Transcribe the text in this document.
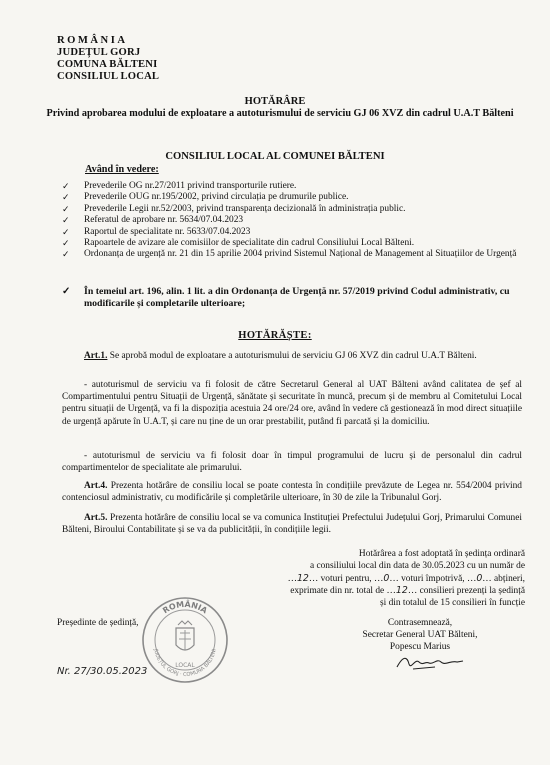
ROMÂNIA
JUDEȚUL GORJ
COMUNA BĂLTENI
CONSILIUL LOCAL
HOTĂRÂRE
Privind aprobarea modului de exploatare a autoturismului de serviciu GJ 06 XVZ din cadrul U.A.T Bălteni
CONSILIUL LOCAL AL COMUNEI BĂLTENI
Având în vedere:

✓ Prevederile OG nr.27/2011 privind transporturile rutiere.

✓ Prevederile OUG nr.195/2002, privind circulația pe drumurile publice.

✓ Prevederile Legii nr.52/2003, privind transparența decizională în administrația public.

✓ Referatul de aprobare nr. 5634/07.04.2023

✓ Raportul de specialitate nr. 5633/07.04.2023

✓ Rapoartele de avizare ale comisiilor de specialitate din cadrul Consiliului Local Bălteni.

✓ Ordonanța de urgență nr. 21 din 15 aprilie 2004 privind Sistemul Național de Management al Situațiilor de Urgență

✓	În temeiul art. 196, alin. 1 lit. a din Ordonanța de Urgență nr. 57/2019 privind Codul administrativ, cu modificarile și completarile ulterioare;
HOTĂRĂȘTE:
Art.1. Se aprobă modul de exploatare a autoturismului de serviciu GJ 06 XVZ din cadrul U.A.T Bălteni.
- autoturismul de serviciu va fi folosit de către Secretarul General al UAT Bălteni având calitatea de șef al Compartimentului pentru Situații de Urgență, sănătate și securitate în muncă, precum și de membru al Comitetului Local pentru situații de Urgență, va fi la dispoziția acestuia 24 ore/24 ore, având în vedere că gestionează în mod direct situațiile de urgență apărute în U.A.T, și care nu ține de un orar prestabilit, putând fi parcată și la domiciliu.
- autoturismul de serviciu va fi folosit doar în timpul programului de lucru și de personalul din cadrul compartimentelor de specialitate ale primarului.
Art.4. Prezenta hotărâre de consiliu local se poate contesta în condițiile prevăzute de Legea nr. 554/2004 privind contenciosul administrativ, cu modificările și completările ulterioare, în 30 de zile la Tribunalul Gorj.
Art.5. Prezenta hotărâre de consiliu local se va comunica Instituției Prefectului Județului Gorj, Primarului Comunei Bălteni, Biroului Contabilitate și se va da publicității, în condițiile legii.
Hotărârea a fost adoptată în ședința ordinară
a consiliului local din data de 30.05.2023 cu un număr de
…12… voturi pentru, …0… voturi împotrivă, …0… abțineri,
exprimate din nr. total de …12… consilieri prezenți la ședință
și din totalul de 15 consilieri în funcție
Președinte de ședință,
Nr. 27/30.05.2023
Contrasemnează,
Secretar General UAT Bălteni,
Popescu Marius
ROMÂNIA
JUDEȚUL GORJ · COMUNA BĂLTENI
LOCAL
